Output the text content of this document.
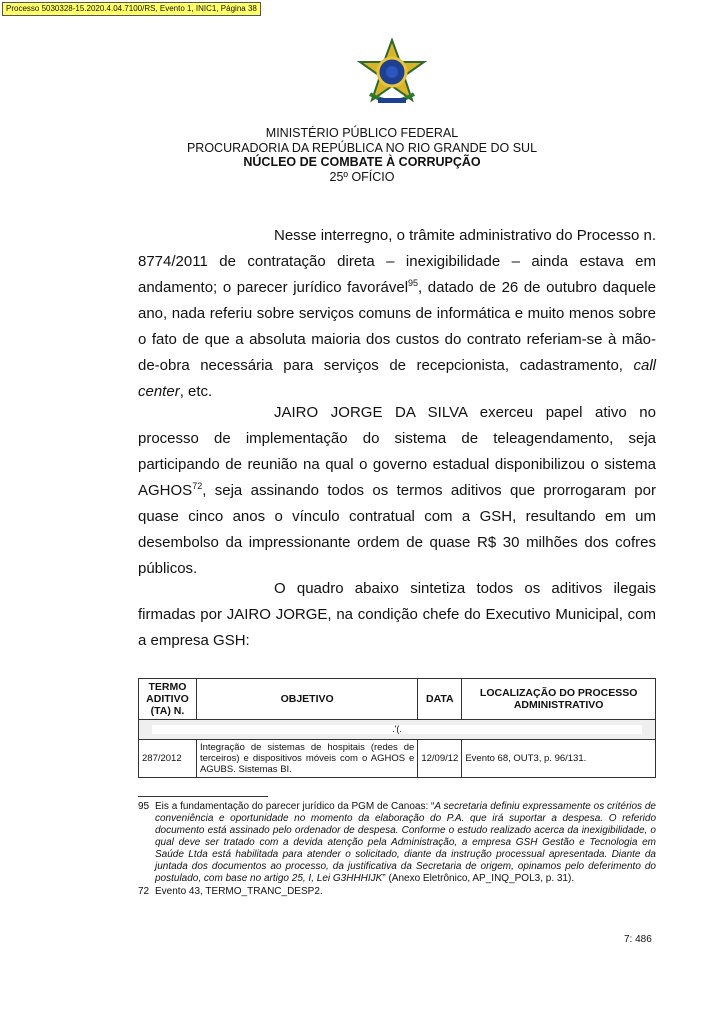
Processo 5030328-15.2020.4.04.7100/RS, Evento 1, INIC1, Página 38
MINISTÉRIO PÚBLICO FEDERAL
PROCURADORIA DA REPÚBLICA NO RIO GRANDE DO SUL
NÚCLEO DE COMBATE À CORRUPÇÃO
25º OFÍCIO

Nesse interregno, o trâmite administrativo do Processo n. 8774/2011 de contratação direta – inexigibilidade – ainda estava em andamento; o parecer jurídico favorável$^{95}$, datado de 26 de outubro daquele ano, nada referiu sobre serviços comuns de informática e muito menos sobre o fato de que a absoluta maioria dos custos do contrato referiam-se à mão-de-obra necessária para serviços de recepcionista, cadastramento, call center, etc.

JAIRO JORGE DA SILVA exerceu papel ativo no processo de implementação do sistema de teleagendamento, seja participando de reunião na qual o governo estadual disponibilizou o sistema AGHOS$^{72}$, seja assinando todos os termos aditivos que prorrogaram por quase cinco anos o vínculo contratual com a GSH, resultando em um desembolso da impressionante ordem de quase R$ 30 milhões dos cofres públicos.

O quadro abaixo sintetiza todos os aditivos ilegais firmadas por JAIRO JORGE, na condição chefe do Executivo Municipal, com a empresa GSH:

TERMO ADITIVO (TA) N.	OBJETIVO	DATA	LOCALIZAÇÃO DO PROCESSO ADMINISTRATIVO

.'(.			

287/2012	Integração de sistemas de hospitais (redes de terceiros) e dispositivos móveis com o AGHOS e AGUBS. Sistemas BI.	12/09/12	Evento 68, OUT3, p. 96/131.
95 Eis a fundamentação do parecer jurídico da PGM de Canoas: “A secretaria definiu expressamente os critérios de conveniência e oportunidade no momento da elaboração do P.A. que irá suportar a despesa. O referido documento está assinado pelo ordenador de despesa. Conforme o estudo realizado acerca da inexigibilidade, o qual deve ser tratado com a devida atenção pela Administração, a empresa GSH Gestão e Tecnologia em Saúde Ltda está habilitada para atender o solicitado, diante da instrução processual apresentada. Diante da juntada dos documentos ao processo, da justificativa da Secretaria de origem, opinamos pelo deferimento do postulado, com base no artigo 25, I, Lei G3HHHIJK” (Anexo Eletrônico, AP_INQ_POL3, p. 31).
72 Evento 43, TERMO_TRANC_DESP2.
7: 486
